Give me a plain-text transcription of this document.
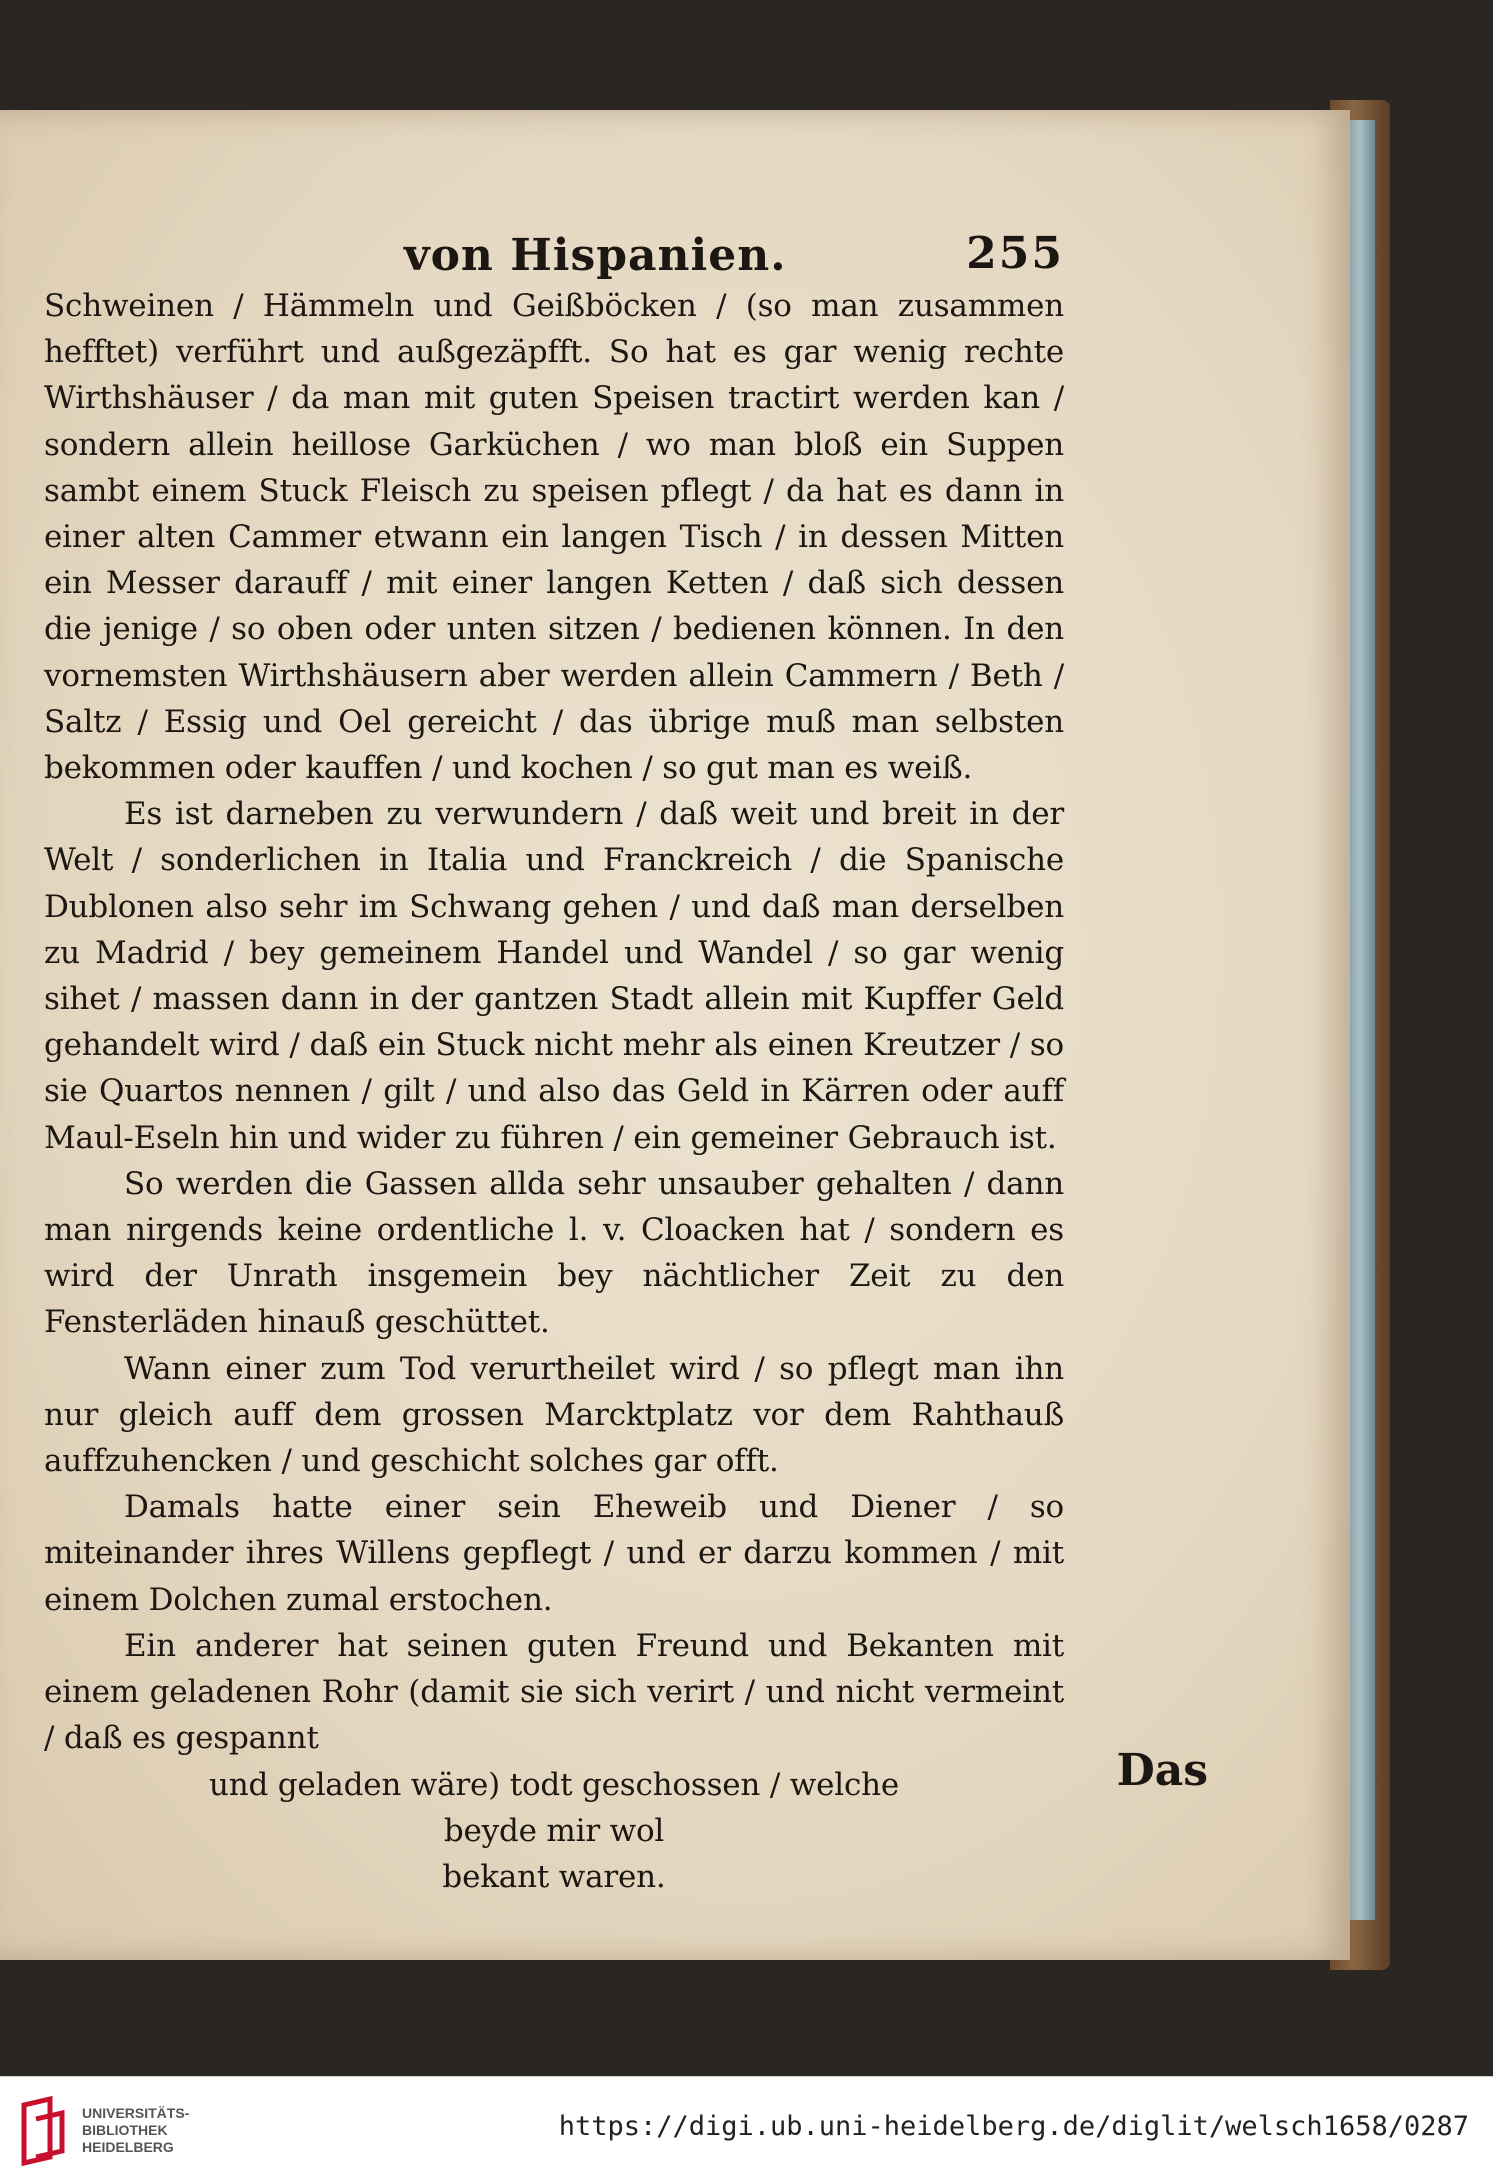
von Hispanien.	255

Schweinen / Hämmeln und Geißböcken / (so man zusammen hefftet) verführt und außgezäpfft. So hat es gar wenig rechte Wirthshäuser / da man mit guten Speisen tractirt werden kan / sondern allein heillose Garküchen / wo man bloß ein Suppen sambt einem Stuck Fleisch zu speisen pflegt / da hat es dann in einer alten Cammer etwann ein langen Tisch / in dessen Mitten ein Messer darauff / mit einer langen Ketten / daß sich dessen die jenige / so oben oder unten sitzen / bedienen können. In den vornemsten Wirthshäusern aber werden allein Cammern / Beth / Saltz / Essig und Oel gereicht / das übrige muß man selbsten bekommen oder kauffen / und kochen / so gut man es weiß.

Es ist darneben zu verwundern / daß weit und breit in der Welt / sonderlichen in Italia und Franckreich / die Spanische Dublonen also sehr im Schwang gehen / und daß man derselben zu Madrid / bey gemeinem Handel und Wandel / so gar wenig sihet / massen dann in der gantzen Stadt allein mit Kupffer Geld gehandelt wird / daß ein Stuck nicht mehr als einen Kreutzer / so sie Quartos nennen / gilt / und also das Geld in Kärren oder auff Maul-Eseln hin und wider zu führen / ein gemeiner Gebrauch ist.

So werden die Gassen allda sehr unsauber gehalten / dann man nirgends keine ordentliche l. v. Cloacken hat / sondern es wird der Unrath insgemein bey nächtlicher Zeit zu den Fensterläden hinauß geschüttet.

Wann einer zum Tod verurtheilet wird / so pflegt man ihn nur gleich auff dem grossen Marcktplatz vor dem Rahthauß auffzuhencken / und geschicht solches gar offt.

Damals hatte einer sein Eheweib und Diener / so miteinander ihres Willens gepflegt / und er darzu kommen / mit einem Dolchen zumal erstochen.

Ein anderer hat seinen guten Freund und Bekanten mit einem geladenen Rohr (damit sie sich verirt / und nicht vermeint / daß es gespannt

und geladen wäre) todt geschossen / welche beyde mir wol

bekant waren.

Das
UNIVERSITÄTS-
BIBLIOTHEK
HEIDELBERG
https://digi.ub.uni-heidelberg.de/diglit/welsch1658/0287
